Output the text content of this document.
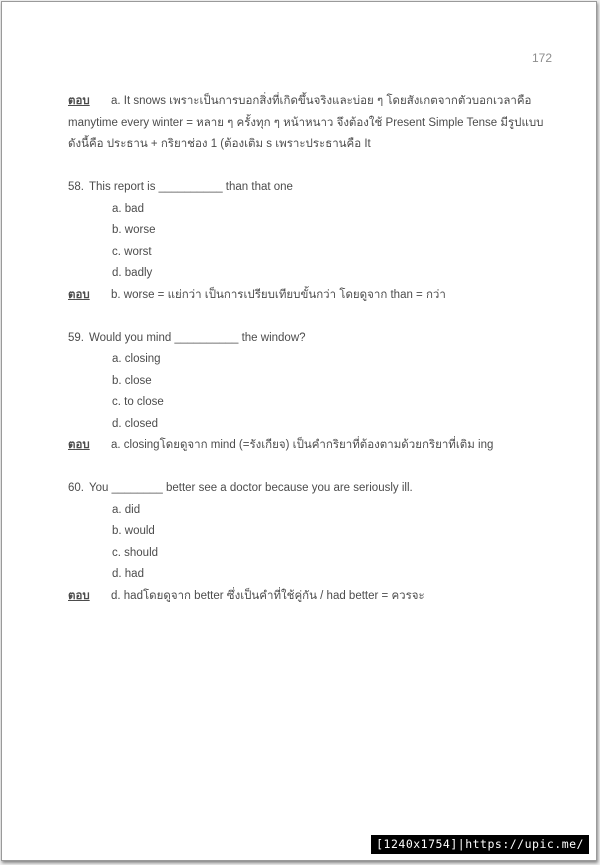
172

ตอบ a. It snows เพราะเป็นการบอกสิ่งที่เกิดขึ้นจริงและบ่อย ๆ โดยสังเกตจากตัวบอกเวลาคือ manytime every winter = หลาย ๆ ครั้งทุก ๆ หน้าหนาว จึงต้องใช้ Present Simple Tense มีรูปแบบดังนี้คือ ประธาน + กริยาช่อง 1 (ต้องเติม s เพราะประธานคือ It

58. This report is __________ than that one
a. bad
b. worse
c. worst
d. badly
ตอบ	b. worse = แย่กว่า เป็นการเปรียบเทียบขั้นกว่า โดยดูจาก than = กว่า
59. Would you mind __________ the window?
a. closing
b. close
c. to close
d. closed
ตอบ	a. closingโดยดูจาก mind (=รังเกียจ) เป็นคำกริยาที่ต้องตามด้วยกริยาที่เติม ing
60. You ________ better see a doctor because you are seriously ill.
a. did
b. would
c. should
d. had
ตอบ	d. hadโดยดูจาก better ซึ่งเป็นคำที่ใช้คู่กัน / had better = ควรจะ
[1240x1754]|https://upic.me/
